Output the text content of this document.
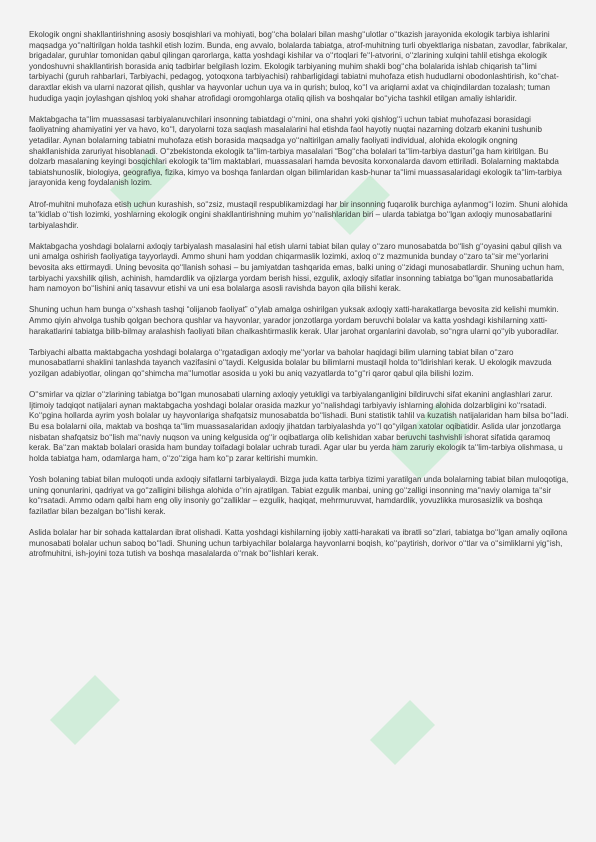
Ekologik ongni shakllantirishning asosiy bosqishlari va mohiyati, bog‘‘cha bolalari bilan mashg‘‘ulotlar o‘‘tkazish jarayonida ekologik tarbiya ishlarini maqsadga yo‘‘naltirilgan holda tashkil etish lozim. Bunda, eng avvalo, bolalarda tabiatga, atrof-muhitning turli obyektlariga nisbatan, zavodlar, fabrikalar, brigadalar, guruhlar tomonidan qabul qilingan qarorlarga, katta yoshdagi kishilar va o‘‘rtoqlari fe‘‘l-atvorini, o‘‘zlarining xulqini tahlil etishga ekologik yondoshuvni shakllantirish borasida aniq tadbirlar belgilash lozim. Ekologik tarbiyaning muhim shakli bog‘‘cha bolalarida ishlab chiqarish ta‘‘limi tarbiyachi (guruh rahbarlari, Tarbiyachi, pedagog, yotoqxona tarbiyachisi) rahbarligidagi tabiatni muhofaza etish hududlarni obodonlashtirish, ko‘‘chat-daraxtlar ekish va ularni nazorat qilish, qushlar va hayvonlar uchun uya va in qurish; buloq, ko‘‘l va ariqlarni axlat va chiqindilardan tozalash; tuman hududiga yaqin joylashgan qishloq yoki shahar atrofidagi oromgohlarga otaliq qilish va boshqalar bo‘‘yicha tashkil etilgan amaliy ishlaridir.

Maktabgacha ta‘‘lim muassasasi tarbiyalanuvchilari insonning tabiatdagi o‘‘rnini, ona shahri yoki qishlog‘‘i uchun tabiat muhofazasi borasidagi faoliyatning ahamiyatini yer va havo, ko‘‘l, daryolarni toza saqlash masalalarini hal etishda faol hayotiy nuqtai nazarning dolzarb ekanini tushunib yetadilar. Aynan bolalarning tabiatni muhofaza etish borasida maqsadga yo‘‘naltirilgan amaliy faoliyati individual, alohida ekologik ongning shakllanishida zaruriyat hisoblanadi. O‘‘zbekistonda ekologik ta‘‘lim-tarbiya masalalari “Bog‘‘cha bolalari ta‘‘lim-tarbiya dasturi”ga ham kiritilgan. Bu dolzarb masalaning keyingi bosqichlari ekologik ta‘‘lim maktablari, muassasalari hamda bevosita korxonalarda davom ettiriladi. Bolalarning maktabda tabiatshunoslik, biologiya, geografiya, fizika, kimyo va boshqa fanlardan olgan bilimlaridan kasb-hunar ta‘‘limi muassasalaridagi ekologik ta‘‘lim-tarbiya jarayonida keng foydalanish lozim.

Atrof-muhitni muhofaza etish uchun kurashish, so‘‘zsiz, mustaqil respublikamizdagi har bir insonning fuqarolik burchiga aylanmog‘‘i lozim. Shuni alohida ta‘‘kidlab o‘‘tish lozimki, yoshlarning ekologik ongini shakllantirishning muhim yo‘‘nalishlaridan biri – ularda tabiatga bo‘‘lgan axloqiy munosabatlarini tarbiyalashdir.

Maktabgacha yoshdagi bolalarni axloqiy tarbiyalash masalasini hal etish ularni tabiat bilan qulay o‘‘zaro munosabatda bo‘‘lish g‘‘oyasini qabul qilish va uni amalga oshirish faoliyatiga tayyorlaydi. Ammo shuni ham yoddan chiqarmaslik lozimki, axloq o‘‘z mazmunida bunday o‘‘zaro ta‘‘sir me‘‘yorlarini bevosita aks ettirmaydi. Uning bevosita qo‘‘llanish sohasi – bu jamiyatdan tashqarida emas, balki uning o‘‘zidagi munosabatlardir. Shuning uchun ham, tarbiyachi yaxshilik qilish, achinish, hamdardlik va ojizlarga yordam berish hissi, ezgulik, axloqiy sifatlar insonning tabiatga bo‘‘lgan munosabatlarida ham namoyon bo‘‘lishini aniq tasavvur etishi va uni esa bolalarga asosli ravishda bayon qila bilishi kerak.

Shuning uchun ham bunga o‘‘xshash tashqi “olijanob faoliyat” o‘‘ylab amalga oshirilgan yuksak axloqiy xatti-harakatlarga bevosita zid kelishi mumkin. Ammo qiyin ahvolga tushib qolgan bechora qushlar va hayvonlar, yarador jonzotlarga yordam beruvchi bolalar va katta yoshdagi kishilarning xatti-harakatlarini tabiatga bilib-bilmay aralashish faoliyati bilan chalkashtirmaslik kerak. Ular jarohat organlarini davolab, so‘‘ngra ularni qo‘‘yib yuboradilar.

Tarbiyachi albatta maktabgacha yoshdagi bolalarga o‘‘rgatadigan axloqiy me‘‘yorlar va baholar haqidagi bilim ularning tabiat bilan o‘‘zaro munosabatlarni shaklini tanlashda tayanch vazifasini o‘‘taydi. Kelgusida bolalar bu bilimlarni mustaqil holda to‘‘ldirishlari kerak. U ekologik mavzuda yozilgan adabiyotlar, olingan qo‘‘shimcha ma‘‘lumotlar asosida u yoki bu aniq vazyatlarda to‘‘g‘‘ri qaror qabul qila bilishi lozim.

O‘‘smirlar va qizlar o‘‘zlarining tabiatga bo‘‘lgan munosabati ularning axloqiy yetukligi va tarbiyalanganligini bildiruvchi sifat ekanini anglashlari zarur. Ijtimoiy tadqiqot natijalari aynan maktabgacha yoshdagi bolalar orasida mazkur yo‘‘nalishdagi tarbiyaviy ishlarning alohida dolzarbligini ko‘‘rsatadi. Ko‘‘pgina hollarda ayrim yosh bolalar uy hayvonlariga shafqatsiz munosabatda bo‘‘lishadi. Buni statistik tahlil va kuzatish natijalaridan ham bilsa bo‘‘ladi. Bu esa bolalarni oila, maktab va boshqa ta‘‘lim muassasalaridan axloqiy jihatdan tarbiyalashda yo‘‘l qo‘‘yilgan xatolar oqibatidir. Aslida ular jonzotlarga nisbatan shafqatsiz bo‘‘lish ma‘‘naviy nuqson va uning kelgusida og‘‘ir oqibatlarga olib kelishidan xabar beruvchi tashvishli ishorat sifatida qaramoq kerak. Ba‘‘zan maktab bolalari orasida ham bunday toifadagi bolalar uchrab turadi. Agar ular bu yerda ham zaruriy ekologik ta‘‘lim-tarbiya olishmasa, u holda tabiatga ham, odamlarga ham, o‘‘zo‘‘ziga ham ko‘‘p zarar keltirishi mumkin.

Yosh bolaning tabiat bilan muloqoti unda axloqiy sifatlarni tarbiyalaydi. Bizga juda katta tarbiya tizimi yaratilgan unda bolalarning tabiat bilan muloqotiga, uning qonunlarini, qadriyat va go‘‘zalligini bilishga alohida o‘‘rin ajratilgan. Tabiat ezgulik manbai, uning go‘‘zalligi insonning ma‘‘naviy olamiga ta‘‘sir ko‘‘rsatadi. Ammo odam qalbi ham eng oliy insoniy go‘‘zalliklar – ezgulik, haqiqat, mehrmuruvvat, hamdardlik, yovuzlikka murosasizlik va boshqa fazilatlar bilan bezalgan bo‘‘lishi kerak.

Aslida bolalar har bir sohada kattalardan ibrat olishadi. Katta yoshdagi kishilarning ijobiy xatti-harakati va ibratli so‘‘zlari, tabiatga bo‘‘lgan amaliy oqilona munosabati bolalar uchun saboq bo‘‘ladi. Shuning uchun tarbiyachilar bolalarga hayvonlarni boqish, ko‘‘paytirish, dorivor o‘‘tlar va o‘‘simliklarni yig‘‘ish, atrofmuhitni, ish-joyini toza tutish va boshqa masalalarda o‘‘rnak bo‘‘lishlari kerak.
